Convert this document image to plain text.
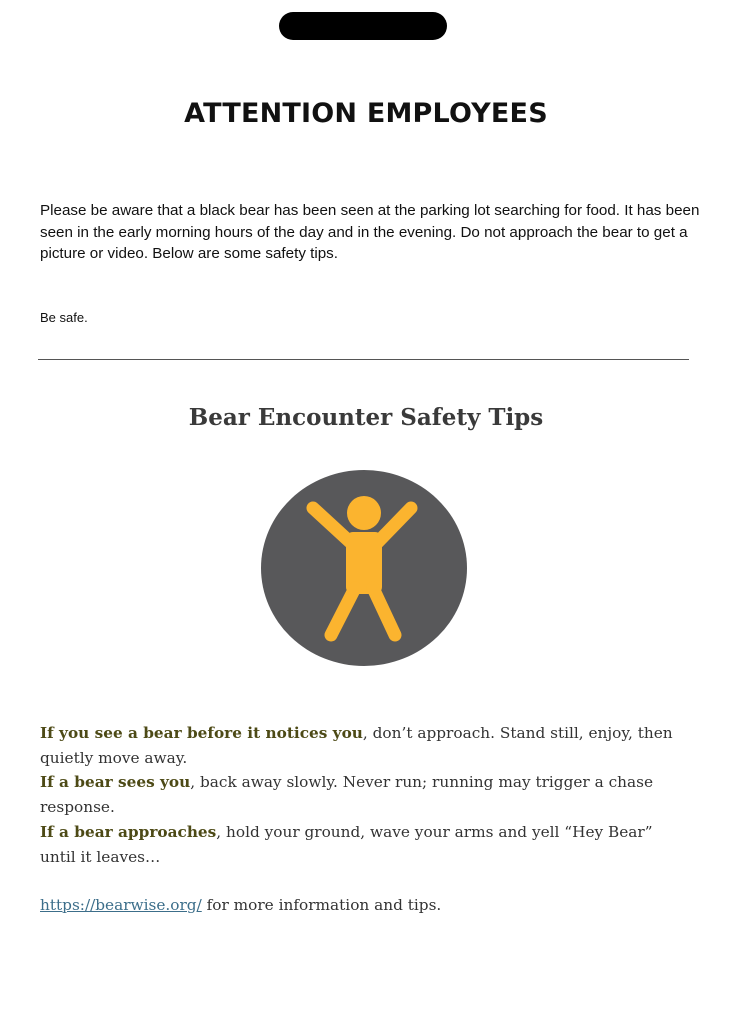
ATTENTION EMPLOYEES

Please be aware that a black bear has been seen at the parking lot searching for food. It has been seen in the early morning hours of the day and in the evening. Do not approach the bear to get a picture or video. Below are some safety tips.

Be safe.

Bear Encounter Safety Tips
If you see a bear before it notices you, don’t approach. Stand still, enjoy, then quietly move away.
If a bear sees you, back away slowly. Never run; running may trigger a chase response.
If a bear approaches, hold your ground, wave your arms and yell “Hey Bear” until it leaves…

https://bearwise.org/ for more information and tips.
